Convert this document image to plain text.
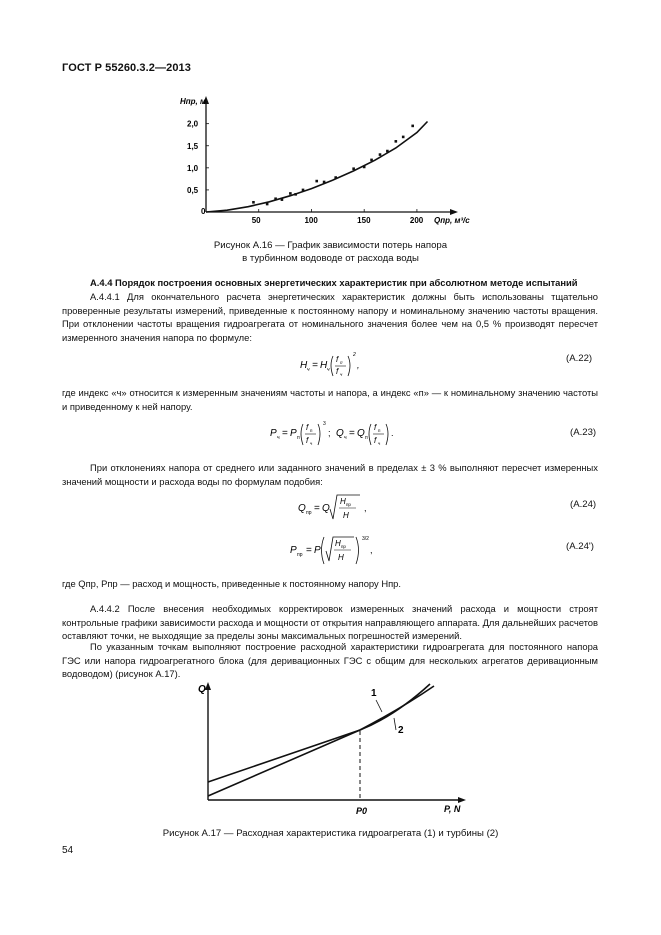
ГОСТ Р 55260.3.2—2013
50	100	150	200
0,5
1,0
1,5
2,0
0
Hпр, м
Qпр, м³/с
Рисунок А.16 — График зависимости потерь напора
в турбинном водоводе от расхода воды
А.4.4 Порядок построения основных энергетических характеристик при абсолютном методе испытаний
А.4.4.1 Для окончательного расчета энергетических характеристик должны быть использованы тщательно проверенные результаты измерений, приведенные к постоянному напору и номинальному значению частоты вращения. При отклонении частоты вращения гидроагрегата от номинального значения более чем на 0,5 % производят пересчет измеренного значения напора по формуле:
H ч = H ч
f п
f ч
2
,
(А.22)
где индекс «ч» относится к измеренным значениям частоты и напора, а индекс «п» — к номинальному значению частоты и приведенному к ней напору.
P ч = P п
f п
f ч
3
; Q ч = Q п
f п
f ч
.	(А.23)
При отклонениях напора от среднего или заданного значений в пределах ± 3 % выполняют пересчет измеренных значений мощности и расхода воды по формулам подобия:
Q пр = Q
H пр
H
,	(А.24)
P пр = P
H пр
H
3/2
,	(А.24')
где Qпр, Pпр — расход и мощность, приведенные к постоянному напору Hпр.
А.4.4.2 После внесения необходимых корректировок измеренных значений расхода и мощности строят контрольные графики зависимости расхода и мощности от открытия направляющего аппарата. Для дальнейших расчетов оставляют точки, не выходящие за пределы зоны максимальных погрешностей измерений.
По указанным точкам выполняют построение расходной характеристики гидроагрегата для постоянного напора ГЭС или напора гидроагрегатного блока (для деривационных ГЭС с общим для нескольких агрегатов деривационным водоводом) (рисунок А.17).
Q
P, N
P0
1
2
Рисунок А.17 — Расходная характеристика гидроагрегата (1) и турбины (2)
54
